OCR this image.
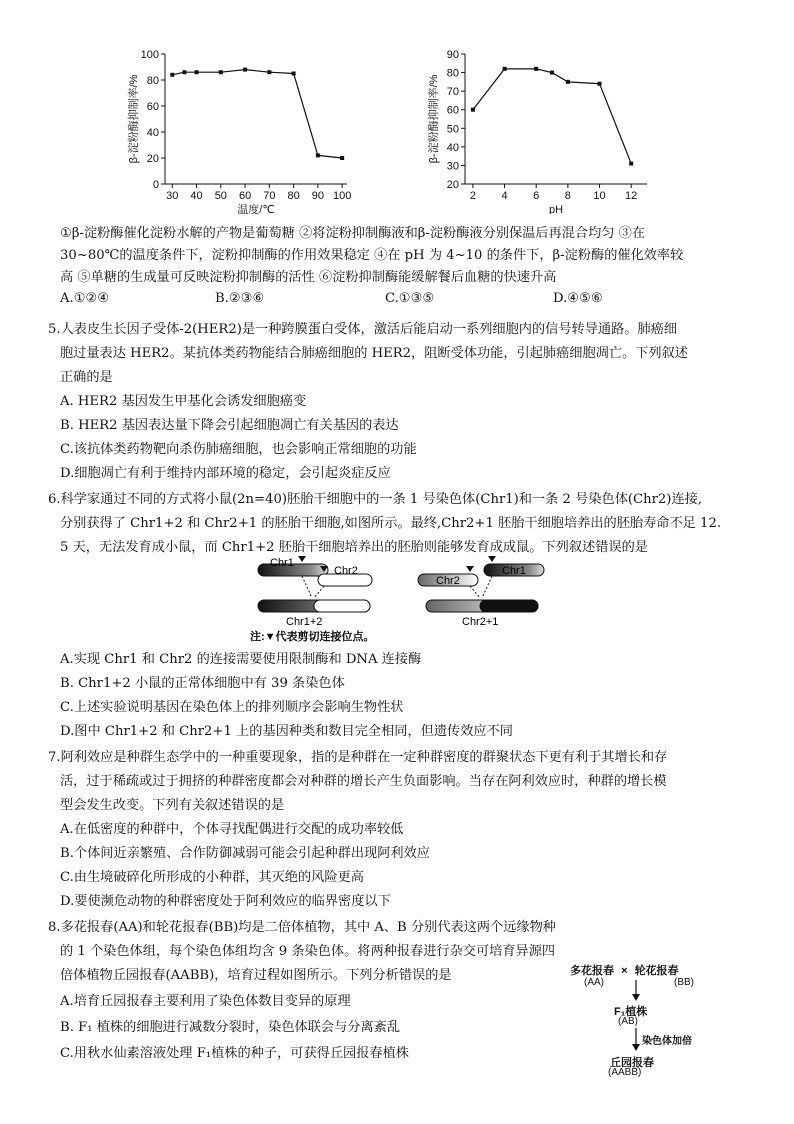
0
20
40
60
80
100
30 40 50 60 70 80 90 100
温度/℃
β-淀粉酶抑制率/%
20
30
40
50
60
70
80
90
2 4 6 8 10 12
pH
β-淀粉酶抑制率/%
①β-淀粉酶催化淀粉水解的产物是葡萄糖 ②将淀粉抑制酶液和β-淀粉酶液分别保温后再混合均匀 ③在
30~80℃的温度条件下，淀粉抑制酶的作用效果稳定 ④在 pH 为 4~10 的条件下，β-淀粉酶的催化效率较
高 ⑤单糖的生成量可反映淀粉抑制酶的活性 ⑥淀粉抑制酶能缓解餐后血糖的快速升高
A.①②④	B.②③⑥	C.①③⑤	D.④⑤⑥
5.人表皮生长因子受体-2(HER2)是一种跨膜蛋白受体，激活后能启动一系列细胞内的信号转导通路。肺癌细
胞过量表达 HER2。某抗体类药物能结合肺癌细胞的 HER2，阻断受体功能，引起肺癌细胞凋亡。下列叙述
正确的是
A. HER2 基因发生甲基化会诱发细胞癌变
B. HER2 基因表达量下降会引起细胞凋亡有关基因的表达
C.该抗体类药物靶向杀伤肺癌细胞，也会影响正常细胞的功能
D.细胞凋亡有利于维持内部环境的稳定，会引起炎症反应
6.科学家通过不同的方式将小鼠(2n=40)胚胎干细胞中的一条 1 号染色体(Chr1)和一条 2 号染色体(Chr2)连接,
分别获得了 Chr1+2 和 Chr2+1 的胚胎干细胞,如图所示。最终,Chr2+1 胚胎干细胞培养出的胚胎寿命不足 12.
5 天，无法发育成小鼠，而 Chr1+2 胚胎干细胞培养出的胚胎则能够发育成成鼠。下列叙述错误的是
Chr1
Chr2
Chr1+2
注:▼代表剪切连接位点。
Chr2
Chr1
Chr2+1
A.实现 Chr1 和 Chr2 的连接需要使用限制酶和 DNA 连接酶
B. Chr1+2 小鼠的正常体细胞中有 39 条染色体
C.上述实验说明基因在染色体上的排列顺序会影响生物性状
D.图中 Chr1+2 和 Chr2+1 上的基因种类和数目完全相同，但遗传效应不同
7.阿利效应是种群生态学中的一种重要现象，指的是种群在一定种群密度的群聚状态下更有利于其增长和存
活，过于稀疏或过于拥挤的种群密度都会对种群的增长产生负面影响。当存在阿利效应时，种群的增长模
型会发生改变。下列有关叙述错误的是
A.在低密度的种群中，个体寻找配偶进行交配的成功率较低
B.个体间近亲繁殖、合作防御减弱可能会引起种群出现阿利效应
C.由生境破碎化所形成的小种群，其灭绝的风险更高
D.要使濒危动物的种群密度处于阿利效应的临界密度以下
8.多花报春(AA)和轮花报春(BB)均是二倍体植物，其中 A、B 分别代表这两个远缘物种
的 1 个染色体组，每个染色体组均含 9 条染色体。将两种报春进行杂交可培育异源四
倍体植物丘园报春(AABB)，培育过程如图所示。下列分析错误的是
A.培育丘园报春主要利用了染色体数目变异的原理
B. F₁ 植株的细胞进行减数分裂时，染色体联会与分离紊乱
C.用秋水仙素溶液处理 F₁植株的种子，可获得丘园报春植株
多花报春 × 轮花报春
(AA)	(BB)
F₁植株
(AB)
染色体加倍
丘园报春
(AABB)
